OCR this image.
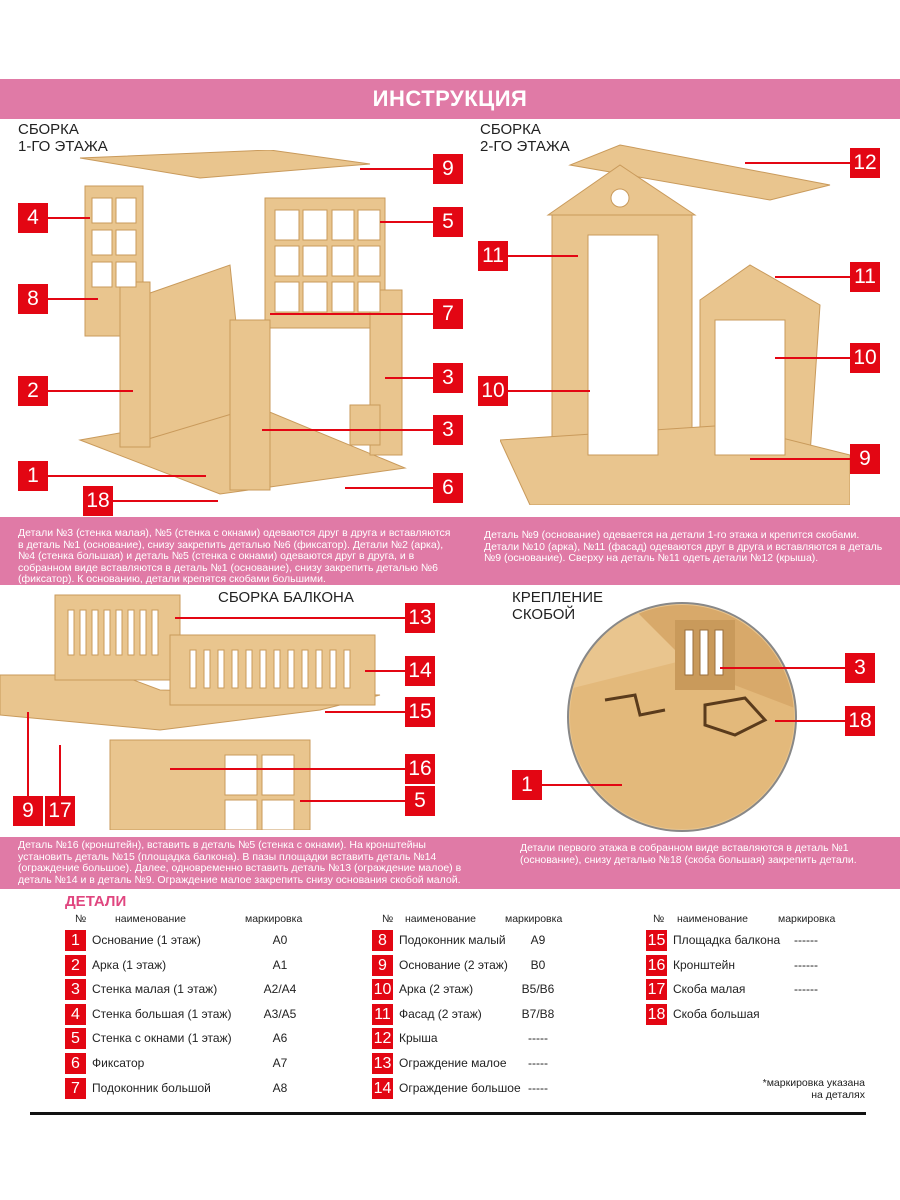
ИНСТРУКЦИЯ
СБОРКА
1-ГО ЭТАЖА
СБОРКА
2-ГО ЭТАЖА
9
4	5
8
7
3
2
3
1
6
18
12
11
11
10
10
9
Детали №3 (стенка малая), №5 (стенка с окнами) одеваются друг в друга и вставляются в деталь №1 (основание), снизу закрепить деталью №6 (фиксатор). Детали №2 (арка), №4 (стенка большая) и деталь №5 (стенка с окнами) одеваются друг в друга, и в собранном виде вставляются в деталь №1 (основание), снизу закрепить деталью №6 (фиксатор). К основанию, детали крепятся скобами большими.
Деталь №9 (основание) одевается на детали 1-го этажа и крепится скобами. Детали №10 (арка), №11 (фасад) одеваются друг в друга и вставляются в деталь №9 (основание). Сверху на деталь №11 одеть детали №12 (крыша).
СБОРКА БАЛКОНА	КРЕПЛЕНИЕ
СКОБОЙ
13
14
15
16
5
9 17
3
18
1
Деталь №16 (кронштейн), вставить в деталь №5 (стенка с окнами). На кронштейны установить деталь №15 (площадка балкона). В пазы площадки вставить деталь №14 (ограждение большое). Далее, одновременно вставить деталь №13 (ограждение малое) в деталь №14 и в деталь №9. Ограждение малое закрепить снизу основания скобой малой.
Детали первого этажа в собранном виде вставляются в деталь №1 (основание), снизу деталью №18 (скоба большая) закрепить детали.
ДЕТАЛИ
№	наименование	маркировка	№ наименование	маркировка	№ наименование	маркировка
1	Основание (1 этаж)	A0
2	Арка (1 этаж)	A1
3	Стенка малая (1 этаж)	A2/A4
4	Стенка большая (1 этаж)	A3/A5
5	Стенка с окнами (1 этаж)	A6
6	Фиксатор	A7
7	Подоконник большой	A8
8	Подоконник малый	A9
9	Основание (2 этаж)	B0
10 Арка (2 этаж)	B5/B6
11 Фасад (2 этаж)	B7/B8
12 Крыша	-----
13 Ограждение малое	-----
14 Ограждение большое -----
15 Площадка балкона	------
16 Кронштейн	------
17 Скоба малая	------
18 Скоба большая
*маркировка указана
на деталях
